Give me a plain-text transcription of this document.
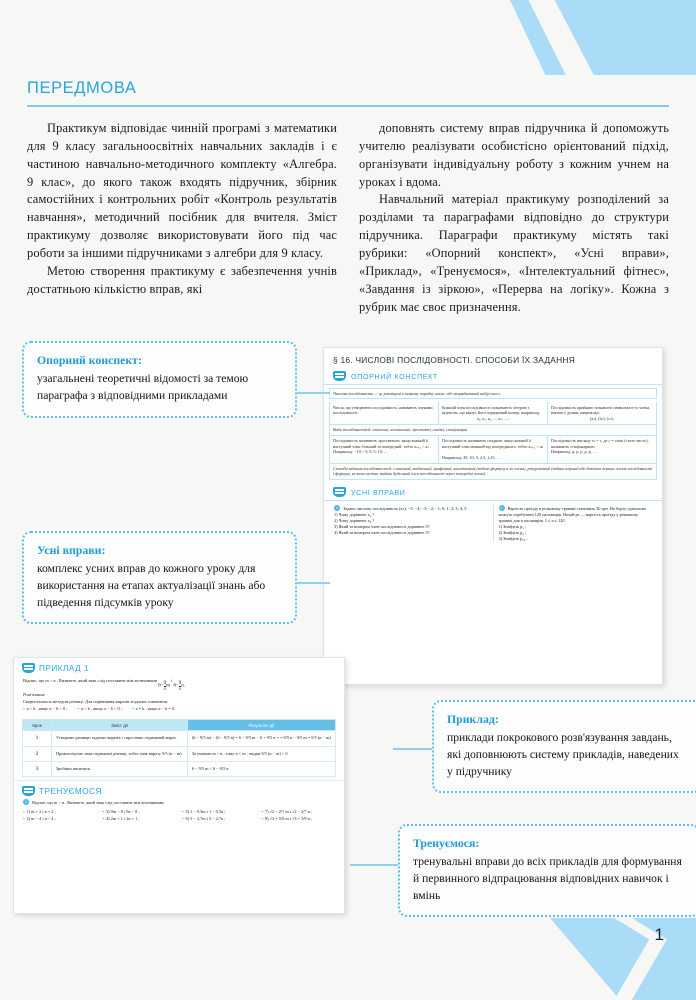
1
ПЕРЕДМОВА

Практикум відповідає чинній програмі з математики для 9 класу загальноосвітніх навчальних закладів і є частиною навчально-методичного комплекту «Алгебра. 9 клас», до якого також входять підручник, збірник самостійних і контрольних робіт «Контроль результатів навчання», методичний посібник для вчителя. Зміст практикуму дозволяє використовувати його під час роботи за іншими підручниками з алгебри для 9 класу.

Метою створення практикуму є забезпечення учнів достатньою кількістю вправ, які

доповнять систему вправ підручника й допоможуть учителю реалізувати особистісно орієнтований підхід, організувати індивідуальну роботу з кожним учнем на уроках і вдома.

Навчальний матеріал практикуму розподілений за розділами та параграфами відповідно до структури підручника. Параграфи практикуму містять такі рубрики: «Опорний конспект», «Усні вправи», «Приклад», «Тренуємося», «Інтелектуальний фітнес», «Завдання із зіркою», «Перерва на логіку». Кожна з рубрик має своє призначення.

Опорний конспект:
узагальнені теоретичні відомості за темою параграфа з відповідними прикладами
Усні вправи:
комплекс усних вправ до кожного уроку для використання на етапах актуалізації знань або підведення підсумків уроку
Приклад:
приклади покрокового розв'язування завдань, які доповнюють систему прикладів, наведених у підручнику
Тренуємося:
тренувальні вправи до всіх прикладів для формування й первинного відпрацювання відповідних навичок і вмінь
§ 16. ЧИСЛОВІ ПОСЛІДОВНОСТІ. СПОСОБИ ЇХ ЗАДАННЯ
ОПОРНИЙ КОНСПЕКТ
Числова послідовність — це розміщені в певному порядку числа, або упорядкований набір чисел.
Числа, що утворюють послідовність, називають членами послідовності.
Кожний член послідовності позначають літерою з індексом, що вказує його порядковий номер, наприклад:
a₁, a₂, a₃, ..., aₙ, ... ;
Послідовність прийнято позначати символом n-го члена, взятим у дужки, наприклад:
(aₙ), (bₙ), (cₙ).
Види послідовностей: скінченні, нескінченні, зростаючі, спадні, стаціонарні
Послідовність називають зростаючою, якщо кожний її наступний член більший за попередній, тобто aₙ₊₁ > aₙ .
Наприклад: −10; −5; 0; 5; 10; ... .
Послідовність називають спадною, якщо кожний її наступний член менший від попереднього, тобто aₙ₊₁ < aₙ .
Наприклад: 20; 10; 5; 2,5; 1,25; ... .
Послідовність вигляду xₙ = c, де c = const (стале число), називають стаціонарною.
Наприклад: p, p, p, p, p, ... .
Способи задання послідовностей: словесний, табличний, графічний, аналітичний (задано формулу n-го члена), рекурентний (задано перший або декілька перших членів послідовності і формулу, за якою можна знайти будь-який член послідовності через попередні члени).
УСНІ ВПРАВИ
1 Задано числову послідовність (xₙ): −5; −4; −3; −2; −1; 0; 1; 2; 3; 4; 5.
1) Чому дорівнює x₁ ?
2) Чому дорівнює x₉ ?
3) Який за номером член послідовності дорівнює 0?
4) Який за номером член послідовності дорівнює 5?
2 Вартість проїзду в річковому трамваї становить 30 грн. На борту одночасно можуть перебувати 120 пасажирів. Нехай pₙ — вартість проїзду у річковому трамваї для n пасажирів, 1 ≤ n ≤ 120 .
1) Знайдіть p₁ ;
2) Знайдіть p₄ ;
3) Знайдіть p₁₀ ;
ПРИКЛАД 1
Відомо, що m > n . Визначте, який знак слід поставити між величинами $6- \frac{9}{5}m$ і $6- \frac{9}{5}n$.
Розв'язання
Скористаємося методом різниці. Для порівняння виразів згадаємо означення:
▪ a > b , якщо a − b > 0 ;	▪ a < b , якщо a − b < 0 ;	▪ a = b , якщо a − b = 0 .
Крок	Зміст дії	Результат дії
1	Утворимо різницю заданих виразів і спростимо отриманий вираз.	(6 − 9/5 m) − (6 − 9/5 n) = 6 − 9/5 m − 6 + 9/5 n = = 9/5 n − 9/5 m = 9/5 (n − m)
2	Проаналізуємо знак отриманої різниці, тобто знак виразу 9/5 (n − m).	За умовою m > n , тому n < m , звідки 9/5 (n − m) < 0
3	Зробимо висновок.	6 − 9/5 m < 6 − 9/5 n
ТРЕНУЄМОСЯ
1 Відомо, що m > n . Визначте, який знак слід поставити між величинами:
▪ 1) m + 2 і n + 2 ;
▪ 2) m − 4 і n − 4 ;
▪ 3) 9m − 8 і 9n − 8 ;
▪ 4) 2m + 1 і 2n + 1 ;
▪ 5) 1 − 0,5m і 1 − 0,5n ;
▪ 6) 5 − 2,7m і 5 − 2,7n ;
▪ 7) √2 − 2/7 m і √2 − 2/7 n ;
▪ 8) √3 + 5/9 m і √3 + 5/9 n ;
